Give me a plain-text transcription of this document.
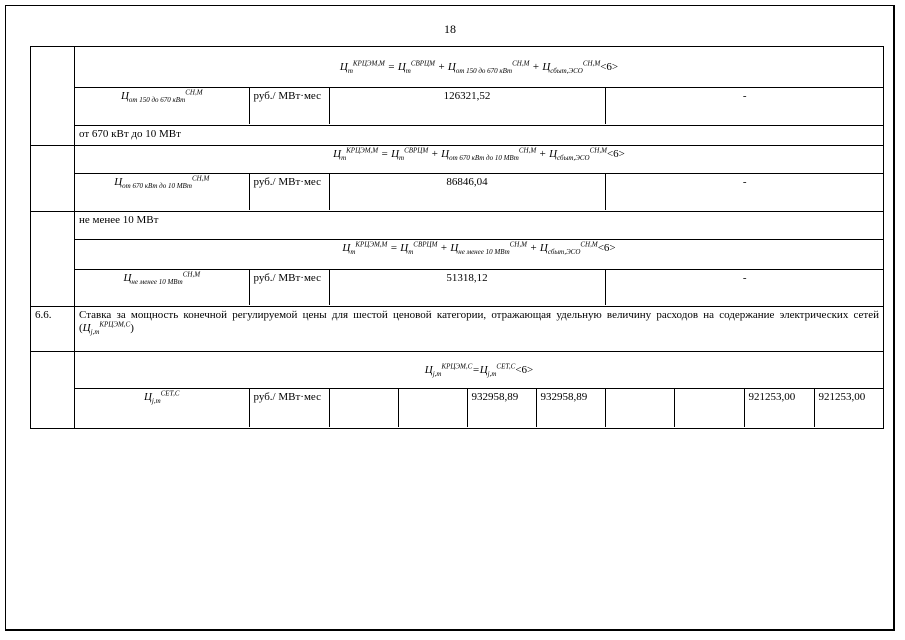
18
	$Ц_m^{КРЦЭМ,М} = Ц_m^{СВРЦМ} + Ц_{от 150 до 670 кВт}^{СН,М} + Ц_{сбыт,ЭСО}^{СН,М}<6>$

$Ц_{от 150 до 670 кВт}^{СН,М}$	руб./ МВт·мес	126321,52	-

от 670 кВт до 10 МВт
	$Ц_m^{КРЦЭМ,М} = Ц_m^{СВРЦМ} + Ц_{от 670 кВт до 10 МВт}^{СН,М} + Ц_{сбыт,ЭСО}^{СН,М}<6>$

$Ц_{от 670 кВт до 10 МВт}^{СН,М}$	руб./ МВт·мес	86846,04	-

	не менее 10 МВт
$Ц_m^{КРЦЭМ,М} = Ц_m^{СВРЦМ} + Ц_{не менее 10 МВт}^{СН,М} + Ц_{сбыт,ЭСО}^{СН,М}<6>$

$Ц_{не менее 10 МВт}^{СН,М}$	руб./ МВт·мес	51318,12	-

6.6.	Ставка за мощность конечной регулируемой цены для шестой ценовой категории, отражающая удельную величину расходов на содержание электрических сетей $(Ц_{j,m}^{КРЦЭМ,С})$
	$Ц_{j,m}^{КРЦЭМ,С}=Ц_{j,m}^{СЕТ,С}<6>$

$Ц_{j,m}^{СЕТ,С}$	руб./ МВт·мес			932958,89	932958,89			921253,00	921253,00
